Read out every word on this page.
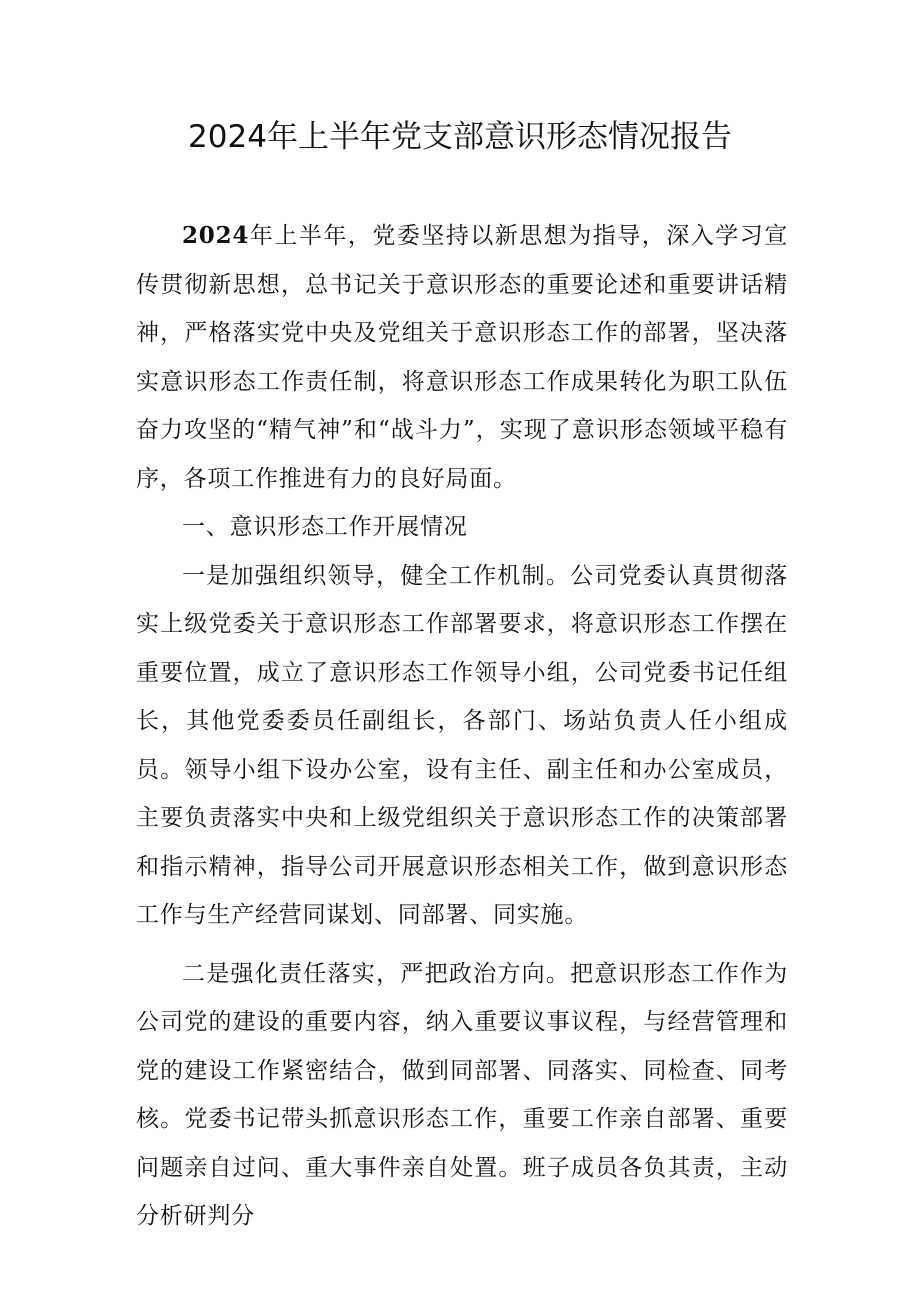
2024年上半年党支部意识形态情况报告

2024年上半年，党委坚持以新思想为指导，深入学习宣传贯彻新思想，总书记关于意识形态的重要论述和重要讲话精神，严格落实党中央及党组关于意识形态工作的部署，坚决落实意识形态工作责任制，将意识形态工作成果转化为职工队伍奋力攻坚的“精气神”和“战斗力”，实现了意识形态领域平稳有序，各项工作推进有力的良好局面。

一、意识形态工作开展情况

一是加强组织领导，健全工作机制。公司党委认真贯彻落实上级党委关于意识形态工作部署要求，将意识形态工作摆在重要位置，成立了意识形态工作领导小组，公司党委书记任组长，其他党委委员任副组长，各部门、场站负责人任小组成员。领导小组下设办公室，设有主任、副主任和办公室成员，主要负责落实中央和上级党组织关于意识形态工作的决策部署和指示精神，指导公司开展意识形态相关工作，做到意识形态工作与生产经营同谋划、同部署、同实施。

二是强化责任落实，严把政治方向。把意识形态工作作为公司党的建设的重要内容，纳入重要议事议程，与经营管理和党的建设工作紧密结合，做到同部署、同落实、同检查、同考核。党委书记带头抓意识形态工作，重要工作亲自部署、重要问题亲自过问、重大事件亲自处置。班子成员各负其责，主动分析研判分
